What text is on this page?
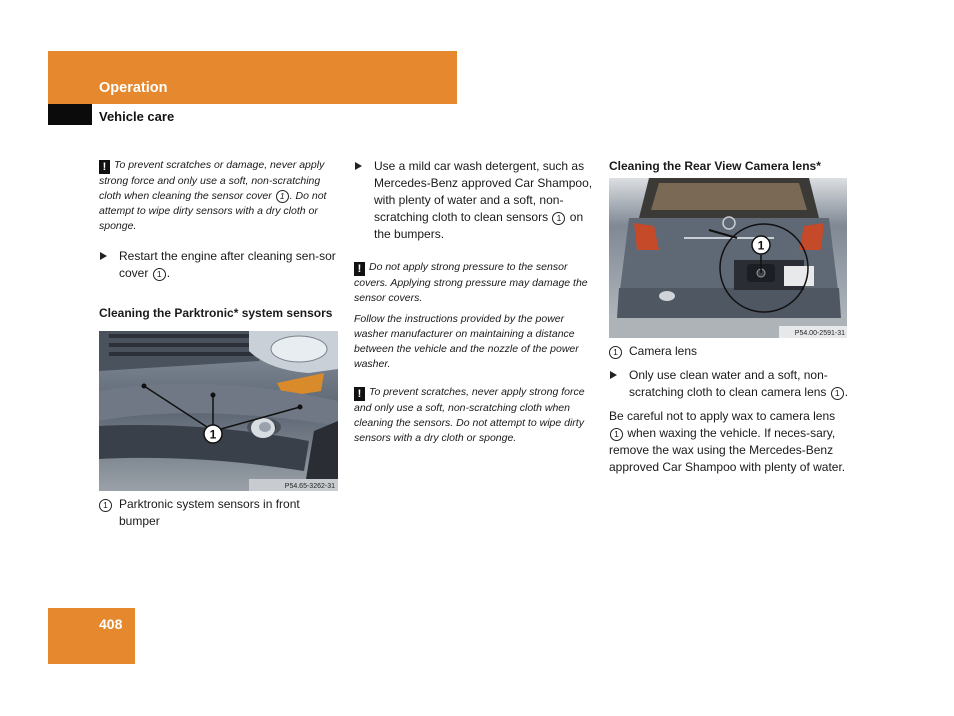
Operation
Vehicle care

! To prevent scratches or damage, never apply strong force and only use a soft, non-scratching cloth when cleaning the sensor cover 1 . Do not attempt to wipe dirty sensors with a dry cloth or sponge.

Restart the engine after cleaning sen-sor cover 1 .

Cleaning the Parktronic* system sensors

1
P54.65-3262-31

1 Parktronic system sensors in front bumper

Use a mild car wash detergent, such as Mercedes-Benz approved Car Shampoo, with plenty of water and a soft, non-scratching cloth to clean sensors 1 on the bumpers.

! Do not apply strong pressure to the sensor covers. Applying strong pressure may damage the sensor covers.

Follow the instructions provided by the power washer manufacturer on maintaining a distance between the vehicle and the nozzle of the power washer.

! To prevent scratches, never apply strong force and only use a soft, non-scratching cloth when cleaning the sensors. Do not attempt to wipe dirty sensors with a dry cloth or sponge.

Cleaning the Rear View Camera lens*

1
P54.00-2591-31

1 Camera lens

Only use clean water and a soft, non-scratching cloth to clean camera lens 1 .

Be careful not to apply wax to camera lens 1 when waxing the vehicle. If neces-sary, remove the wax using the Mercedes-Benz approved Car Shampoo with plenty of water.

408
